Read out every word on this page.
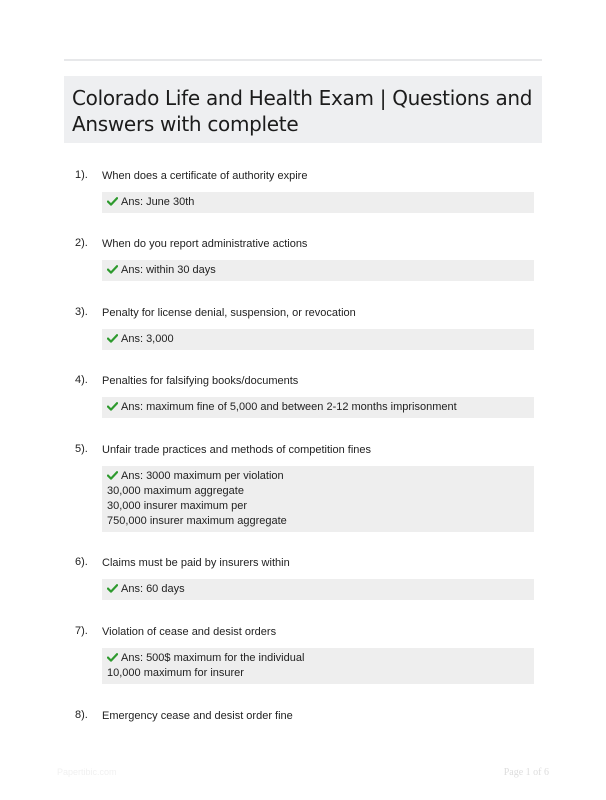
Colorado Life and Health Exam | Questions and Answers with complete
1). When does a certificate of authority expire
Ans: June 30th
2). When do you report administrative actions
Ans: within 30 days
3). Penalty for license denial, suspension, or revocation
Ans: 3,000
4). Penalties for falsifying books/documents
Ans: maximum fine of 5,000 and between 2-12 months imprisonment
5). Unfair trade practices and methods of competition fines
Ans: 3000 maximum per violation
30,000 maximum aggregate
30,000 insurer maximum per
750,000 insurer maximum aggregate
6). Claims must be paid by insurers within
Ans: 60 days
7). Violation of cease and desist orders
Ans: 500$ maximum for the individual
10,000 maximum for insurer
8). Emergency cease and desist order fine
Papertibic.com	Page 1 of 6
